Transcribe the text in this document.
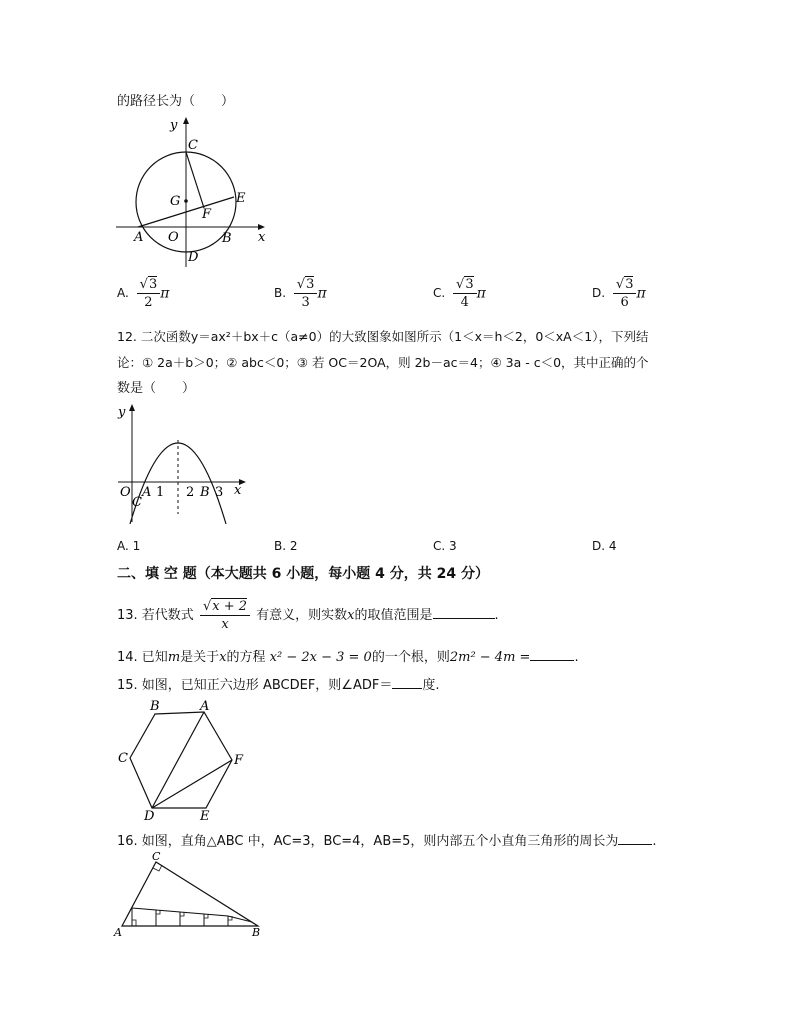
的路径长为（　　）
y
C
G	E
F
A O	B
D
x
A. $\frac{√3}{2}$ π	B. $\frac{√3}{3}$ π	C. $\frac{√3}{4}$ π	D. $\frac{√3}{6}$ π
12. 二次函数y＝ax²＋bx＋c（a≠0）的大致图象如图所示（1＜x＝h＜2，0＜xA＜1），下列结
论：① 2a＋b＞0；② abc＜0；③ 若 OC＝2OA，则 2b－ac＝4；④ 3a - c＜0，其中正确的个
数是（　　）
y
O A 1 2 B 3 x
C
A. 1	B. 2	C. 3	D. 4
二、填 空 题（本大题共 6 小题，每小题 4 分，共 24 分）
13. 若代数式 $\frac{√x + 2}{x}$ 有意义，则实数x的取值范围是	.
14. 已知m是关于x的方程 x² − 2x − 3 = 0的一个根，则2m² − 4m =	.
15. 如图，已知正六边形 ABCDEF，则∠ADF＝ 度.
B	A
C	F
D	E
16. 如图，直角△ABC 中，AC=3，BC=4，AB=5，则内部五个小直角三角形的周长为	.
C
A	B
